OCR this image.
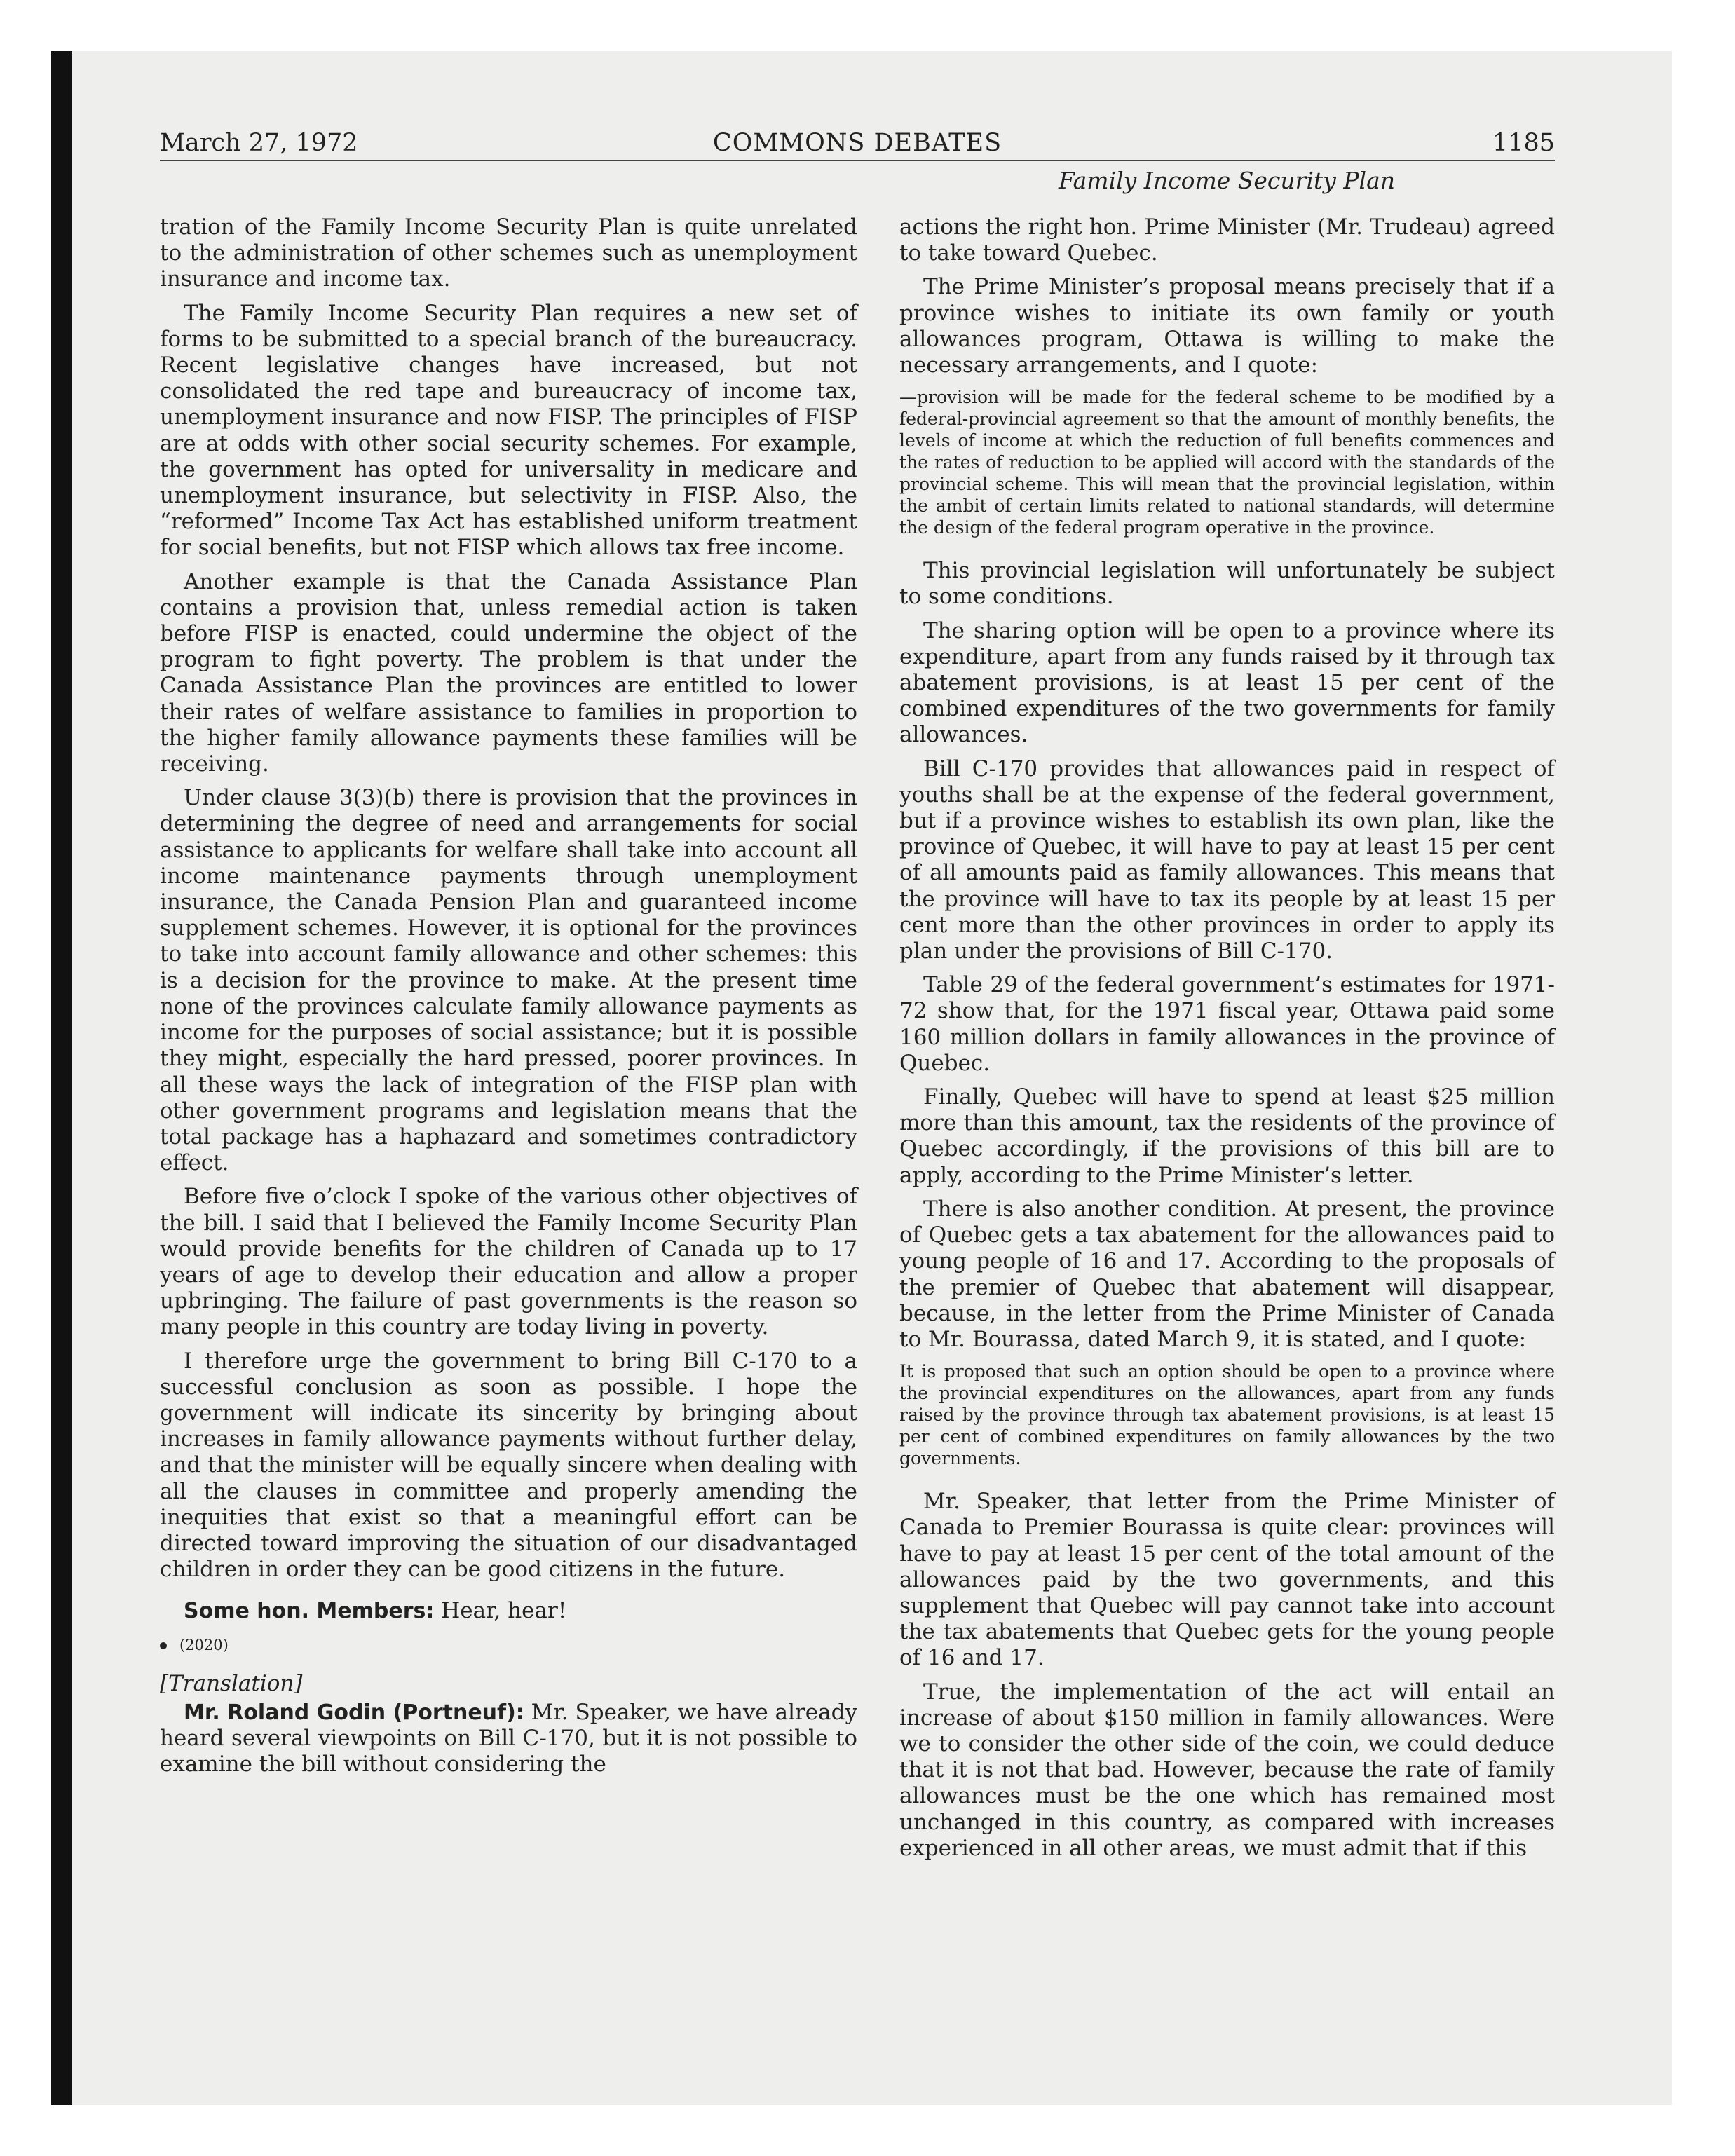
March 27, 1972	COMMONS DEBATES	1185
Family Income Security Plan

tration of the Family Income Security Plan is quite unrelated to the administration of other schemes such as unemployment insurance and income tax.

The Family Income Security Plan requires a new set of forms to be submitted to a special branch of the bureaucracy. Recent legislative changes have increased, but not consolidated the red tape and bureaucracy of income tax, unemployment insurance and now FISP. The principles of FISP are at odds with other social security schemes. For example, the government has opted for universality in medicare and unemployment insurance, but selectivity in FISP. Also, the “reformed” Income Tax Act has established uniform treatment for social benefits, but not FISP which allows tax free income.

Another example is that the Canada Assistance Plan contains a provision that, unless remedial action is taken before FISP is enacted, could undermine the object of the program to fight poverty. The problem is that under the Canada Assistance Plan the provinces are entitled to lower their rates of welfare assistance to families in proportion to the higher family allowance payments these families will be receiving.

Under clause 3(3)(b) there is provision that the provinces in determining the degree of need and arrangements for social assistance to applicants for welfare shall take into account all income maintenance payments through unemployment insurance, the Canada Pension Plan and guaranteed income supplement schemes. However, it is optional for the provinces to take into account family allowance and other schemes: this is a decision for the province to make. At the present time none of the provinces calculate family allowance payments as income for the purposes of social assistance; but it is possible they might, especially the hard pressed, poorer provinces. In all these ways the lack of integration of the FISP plan with other government programs and legislation means that the total package has a haphazard and sometimes contradictory effect.

Before five o’clock I spoke of the various other objectives of the bill. I said that I believed the Family Income Security Plan would provide benefits for the children of Canada up to 17 years of age to develop their education and allow a proper upbringing. The failure of past governments is the reason so many people in this country are today living in poverty.

I therefore urge the government to bring Bill C-170 to a successful conclusion as soon as possible. I hope the government will indicate its sincerity by bringing about increases in family allowance payments without further delay, and that the minister will be equally sincere when dealing with all the clauses in committee and properly amending the inequities that exist so that a meaningful effort can be directed toward improving the situation of our disadvantaged children in order they can be good citizens in the future.

Some hon. Members: Hear, hear!

(2020)

[Translation]

Mr. Roland Godin (Portneuf): Mr. Speaker, we have already heard several viewpoints on Bill C-170, but it is not possible to examine the bill without considering the

actions the right hon. Prime Minister (Mr. Trudeau) agreed to take toward Quebec.

The Prime Minister’s proposal means precisely that if a province wishes to initiate its own family or youth allowances program, Ottawa is willing to make the necessary arrangements, and I quote:

—provision will be made for the federal scheme to be modified by a federal-provincial agreement so that the amount of monthly benefits, the levels of income at which the reduction of full benefits commences and the rates of reduction to be applied will accord with the standards of the provincial scheme. This will mean that the provincial legislation, within the ambit of certain limits related to national standards, will determine the design of the federal program operative in the province.

This provincial legislation will unfortunately be subject to some conditions.

The sharing option will be open to a province where its expenditure, apart from any funds raised by it through tax abatement provisions, is at least 15 per cent of the combined expenditures of the two governments for family allowances.

Bill C-170 provides that allowances paid in respect of youths shall be at the expense of the federal government, but if a province wishes to establish its own plan, like the province of Quebec, it will have to pay at least 15 per cent of all amounts paid as family allowances. This means that the province will have to tax its people by at least 15 per cent more than the other provinces in order to apply its plan under the provisions of Bill C-170.

Table 29 of the federal government’s estimates for 1971-72 show that, for the 1971 fiscal year, Ottawa paid some 160 million dollars in family allowances in the province of Quebec.

Finally, Quebec will have to spend at least $25 million more than this amount, tax the residents of the province of Quebec accordingly, if the provisions of this bill are to apply, according to the Prime Minister’s letter.

There is also another condition. At present, the province of Quebec gets a tax abatement for the allowances paid to young people of 16 and 17. According to the proposals of the premier of Quebec that abatement will disappear, because, in the letter from the Prime Minister of Canada to Mr. Bourassa, dated March 9, it is stated, and I quote:

It is proposed that such an option should be open to a province where the provincial expenditures on the allowances, apart from any funds raised by the province through tax abatement provisions, is at least 15 per cent of combined expenditures on family allowances by the two governments.

Mr. Speaker, that letter from the Prime Minister of Canada to Premier Bourassa is quite clear: provinces will have to pay at least 15 per cent of the total amount of the allowances paid by the two governments, and this supplement that Quebec will pay cannot take into account the tax abatements that Quebec gets for the young people of 16 and 17.

True, the implementation of the act will entail an increase of about $150 million in family allowances. Were we to consider the other side of the coin, we could deduce that it is not that bad. However, because the rate of family allowances must be the one which has remained most unchanged in this country, as compared with increases experienced in all other areas, we must admit that if this
